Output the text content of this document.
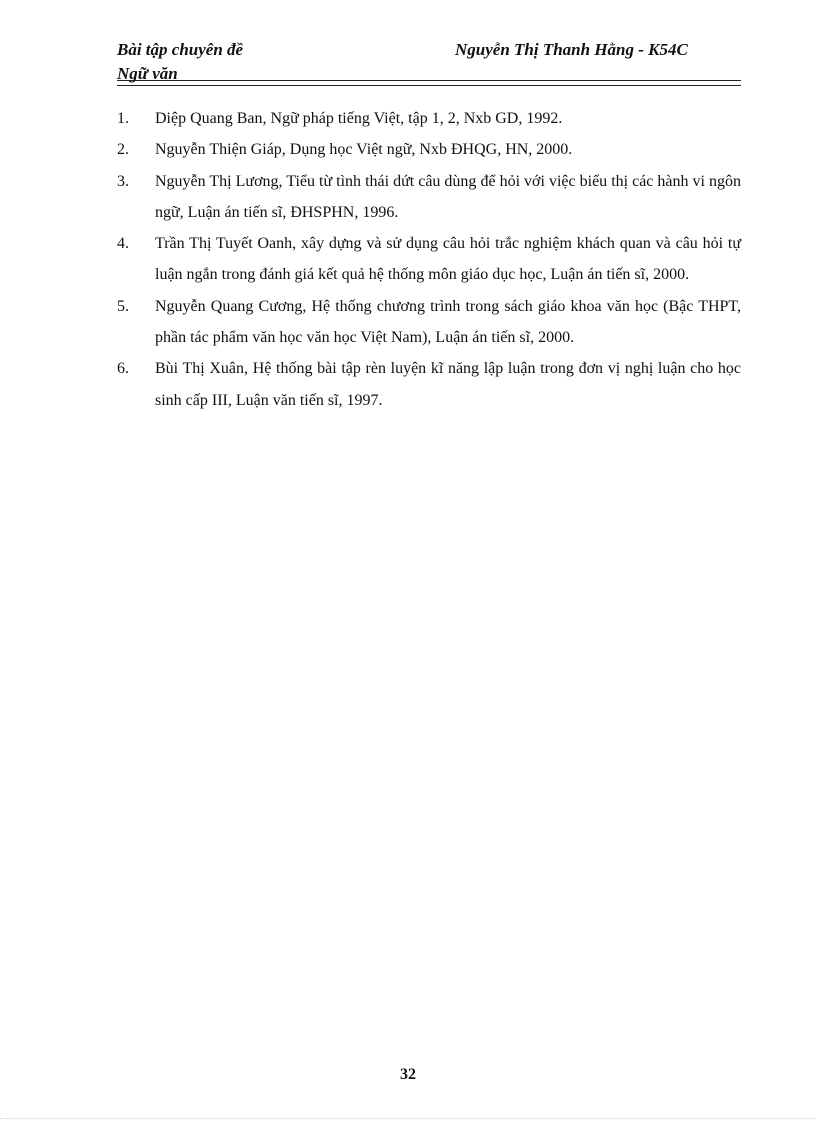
Bài tập chuyên đề
Ngữ văn
Nguyễn Thị Thanh Hằng - K54C
1. Diệp Quang Ban, Ngữ pháp tiếng Việt, tập 1, 2, Nxb GD, 1992.
2. Nguyễn Thiện Giáp, Dụng học Việt ngữ, Nxb ĐHQG, HN, 2000.
3. Nguyễn Thị Lương, Tiểu từ tình thái dứt câu dùng để hỏi với việc biểu thị các hành vi ngôn ngữ, Luận án tiến sĩ, ĐHSPHN, 1996.
4. Trần Thị Tuyết Oanh, xây dựng và sử dụng câu hỏi trắc nghiệm khách quan và câu hỏi tự luận ngắn trong đánh giá kết quả hệ thống môn giáo dục học, Luận án tiến sĩ, 2000.
5. Nguyễn Quang Cương, Hệ thống chương trình trong sách giáo khoa văn học (Bậc THPT, phần tác phẩm văn học văn học Việt Nam), Luận án tiến sĩ, 2000.
6. Bùi Thị Xuân, Hệ thống bài tập rèn luyện kĩ năng lập luận trong đơn vị nghị luận cho học sinh cấp III, Luận văn tiến sĩ, 1997.
32
